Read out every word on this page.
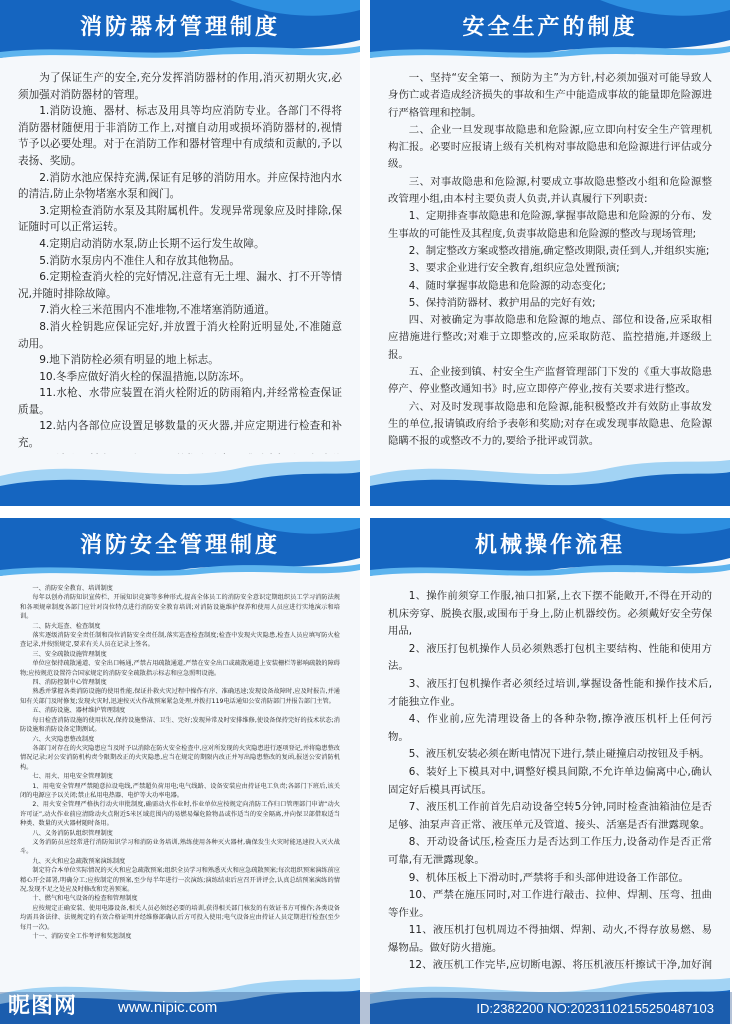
消防器材管理制度

为了保证生产的安全,充分发挥消防器材的作用,消灭初期火灾,必须加强对消防器材的管理。

1.消防设施、器材、标志及用具等均应消防专业。各部门不得将消防器材随便用于非消防工作上,对擅自动用或损坏消防器材的,视情节予以必要处理。对于在消防工作和器材管理中有成绩和贡献的,予以表扬、奖励。

2.消防水池应保持充满,保证有足够的消防用水。并应保持池内水的清洁,防止杂物堵塞水泵和阀门。

3.定期检查消防水泵及其附属机件。发现异常现象应及时排除,保证随时可以正常运转。

4.定期启动消防水泵,防止长期不运行发生故障。

5.消防水泵房内不准住人和存放其他物品。

6.定期检查消火栓的完好情况,注意有无土埋、漏水、打不开等情况,并随时排除故障。

7.消火栓三米范围内不准堆物,不准堵塞消防通道。

8.消火栓钥匙应保证完好,并放置于消火栓附近明显处,不准随意动用。

9.地下消防栓必须有明显的地上标志。

10.冬季应做好消火栓的保温措施,以防冻坏。

11.水枪、水带应装置在消火栓附近的防雨箱内,并经常检查保证质量。

12.站内各部位应设置足够数量的灭火器,并应定期进行检查和补充。

安全生产的制度

一、坚持“安全第一、预防为主”为方针,村必须加强对可能导致人身伤亡或者造成经济损失的事故和生产中能造成事故的能量即危险源进行严格管理和控制。

二、企业一旦发现事故隐患和危险源,应立即向村安全生产管理机构汇报。必要时应报请上级有关机构对事故隐患和危险源进行评估或分级。

三、对事故隐患和危险源,村要成立事故隐患整改小组和危险源整改管理小组,由本村主要负责人负责,并认真履行下列职责:

1、定期排查事故隐患和危险源,掌握事故隐患和危险源的分布、发生事故的可能性及其程度,负责事故隐患和危险源的整改与现场管理;

2、制定整改方案或整改措施,确定整改期限,责任到人,并组织实施;

3、要求企业进行安全教育,组织应急处置预演;

4、随时掌握事故隐患和危险源的动态变化;

5、保持消防器材、救护用品的完好有效;

四、对被确定为事故隐患和危险源的地点、部位和设备,应采取相应措施进行整改;对难于立即整改的,应采取防范、监控措施,并逐级上报。

五、企业接到镇、村安全生产监督管理部门下发的《重大事故隐患停产、停业整改通知书》时,应立即停产停业,按有关要求进行整改。

六、对及时发现事故隐患和危险源,能积极整改并有效防止事故发生的单位,报请镇政府给予表彰和奖励;对存在或发现事故隐患、危险源隐瞒不报的或整改不力的,要给予批评或罚款。

消防安全管理制度

一、消防安全教育、培训制度

每年以创办消防知识宣传栏、开展知识竞赛等多种形式,提高全体员工的消防安全意识定期组织员工学习消防法规和各项规章制度各部门应针对岗位特点进行消防安全教育培训;对消防设施维护保养和使用人员应进行实地演示和培训。

二、防火巡查、检查制度

落实逐级消防安全责任制和岗位消防安全责任制,落实巡查检查制度;检查中发现火灾隐患,检查人员应填写防火检查记录,并按照规定,要求有关人员在记录上签名。

三、安全疏散设施管理制度

单位应保持疏散通道、安全出口畅通,严禁占用疏散通道,严禁在安全出口或疏散通道上安装栅栏等影响疏散的障碍物;应按规范设置符合国家规定的消防安全疏散指示标志和应急照明设施。

四、消防控制中心管理制度

熟悉并掌握各类消防设施的使用性能,保证扑救火灾过程中操作有序、准确迅速;发现设备故障时,应及时报告,并通知有关部门及时修复;发现火灾时,迅速按灭火作战预案紧急处理,并拨打119电话通知公安消防部门并报告部门主管。

五、消防设施、器材维护管理制度

每日检查消防设施的使用状况,保持设施整洁、卫生、完好;发现异常及时安排维修,使设备保持完好的技术状态;消防设施和消防设备定期测试。

六、火灾隐患整改制度

各部门对存在的火灾隐患应当及时予以消除在防火安全检查中,应对所发现的火灾隐患进行逐项登记,并将隐患整改情况记录;对公安消防机构责令限期改正的火灾隐患,应当在规定的期限内改正并写出隐患整改的复函,报送公安消防机构。

七、用火、用电安全管理制度

1、用电安全管理严禁随意拉设电线,严禁超负荷用电;电气线路、设备安装应由持证电工负责;各部门下班后,该关闭的电源应予以关闭;禁止私用电热器、电炉等大功率电器。

2、用火安全管理严格执行动火审批制度,确需动火作业时,作业单位应按规定向消防工作归口管理部门申请“动火许可证”,动火作业前应清除动火点附近5米区域范围内的易燃易爆危险物品或作适当的安全隔离,并向保卫部借取适当种类、数量的灭火器材随时备用。

八、义务消防队组织管理制度

义务消防员应经常进行消防知识学习和消防业务培训,熟练使用各种灭火器材,确保发生火灾时能迅速投入灭火战斗。

九、灭火和应急疏散预案演练制度

制定符合本单位实际情况的灭火和应急疏散预案;组织全员学习和熟悉灭火和应急疏散预案;每次组织预案演练前应精心开会部署,明确分工;应按制定的预案,至少每半年进行一次演练;演练结束后应召开讲评会,认真总结预案演练的情况,发现不足之处应及时修改和完善预案。

十、燃气和电气设备的检查和管理制度

应按规定正确安装、使用电器设备,相关人员必须经必要的培训,获得相关部门核发的有效证书方可操作;各类设备均需具备法律、法规规定的有效合格证明并经维修部确认后方可投入使用;电气设备应由持证人员定期进行检查(至少每月一次)。

十一、消防安全工作考评和奖惩制度

机械操作流程

1、操作前须穿工作服,袖口扣紧,上衣下摆不能敞开,不得在开动的机床旁穿、脱换衣服,或围布于身上,防止机器绞伤。必须戴好安全劳保用品,

2、液压打包机操作人员必须熟悉打包机主要结构、性能和使用方法。

3、液压打包机操作者必须经过培训,掌握设备性能和操作技术后,才能独立作业。

4、作业前,应先清理设备上的各种杂物,擦净液压机杆上任何污物。

5、液压机安装必须在断电情况下进行,禁止碰撞启动按钮及手柄。

6、装好上下模具对中,调整好模具间隙,不允许单边偏离中心,确认固定好后模具再试压。

7、液压机工作前首先启动设备空转5分钟,同时检查油箱油位是否足够、油泵声音正常、液压单元及管道、接头、活塞是否有泄露现象。

8、开动设备试压,检查压力是否达到工作压力,设备动作是否正常可靠,有无泄露现象。

9、机体压板上下滑动时,严禁将手和头部伸进设备工作部位。

10、严禁在施压同时,对工作进行敲击、拉伸、焊割、压弯、扭曲等作业。

11、液压机打包机周边不得抽烟、焊割、动火,不得存放易燃、易爆物品。做好防火措施。

12、液压机工作完毕,应切断电源、将压机液压杆擦试干净,加好润

昵图网	www.nipic.com	ID:2382200 NO:20231102155250487103
